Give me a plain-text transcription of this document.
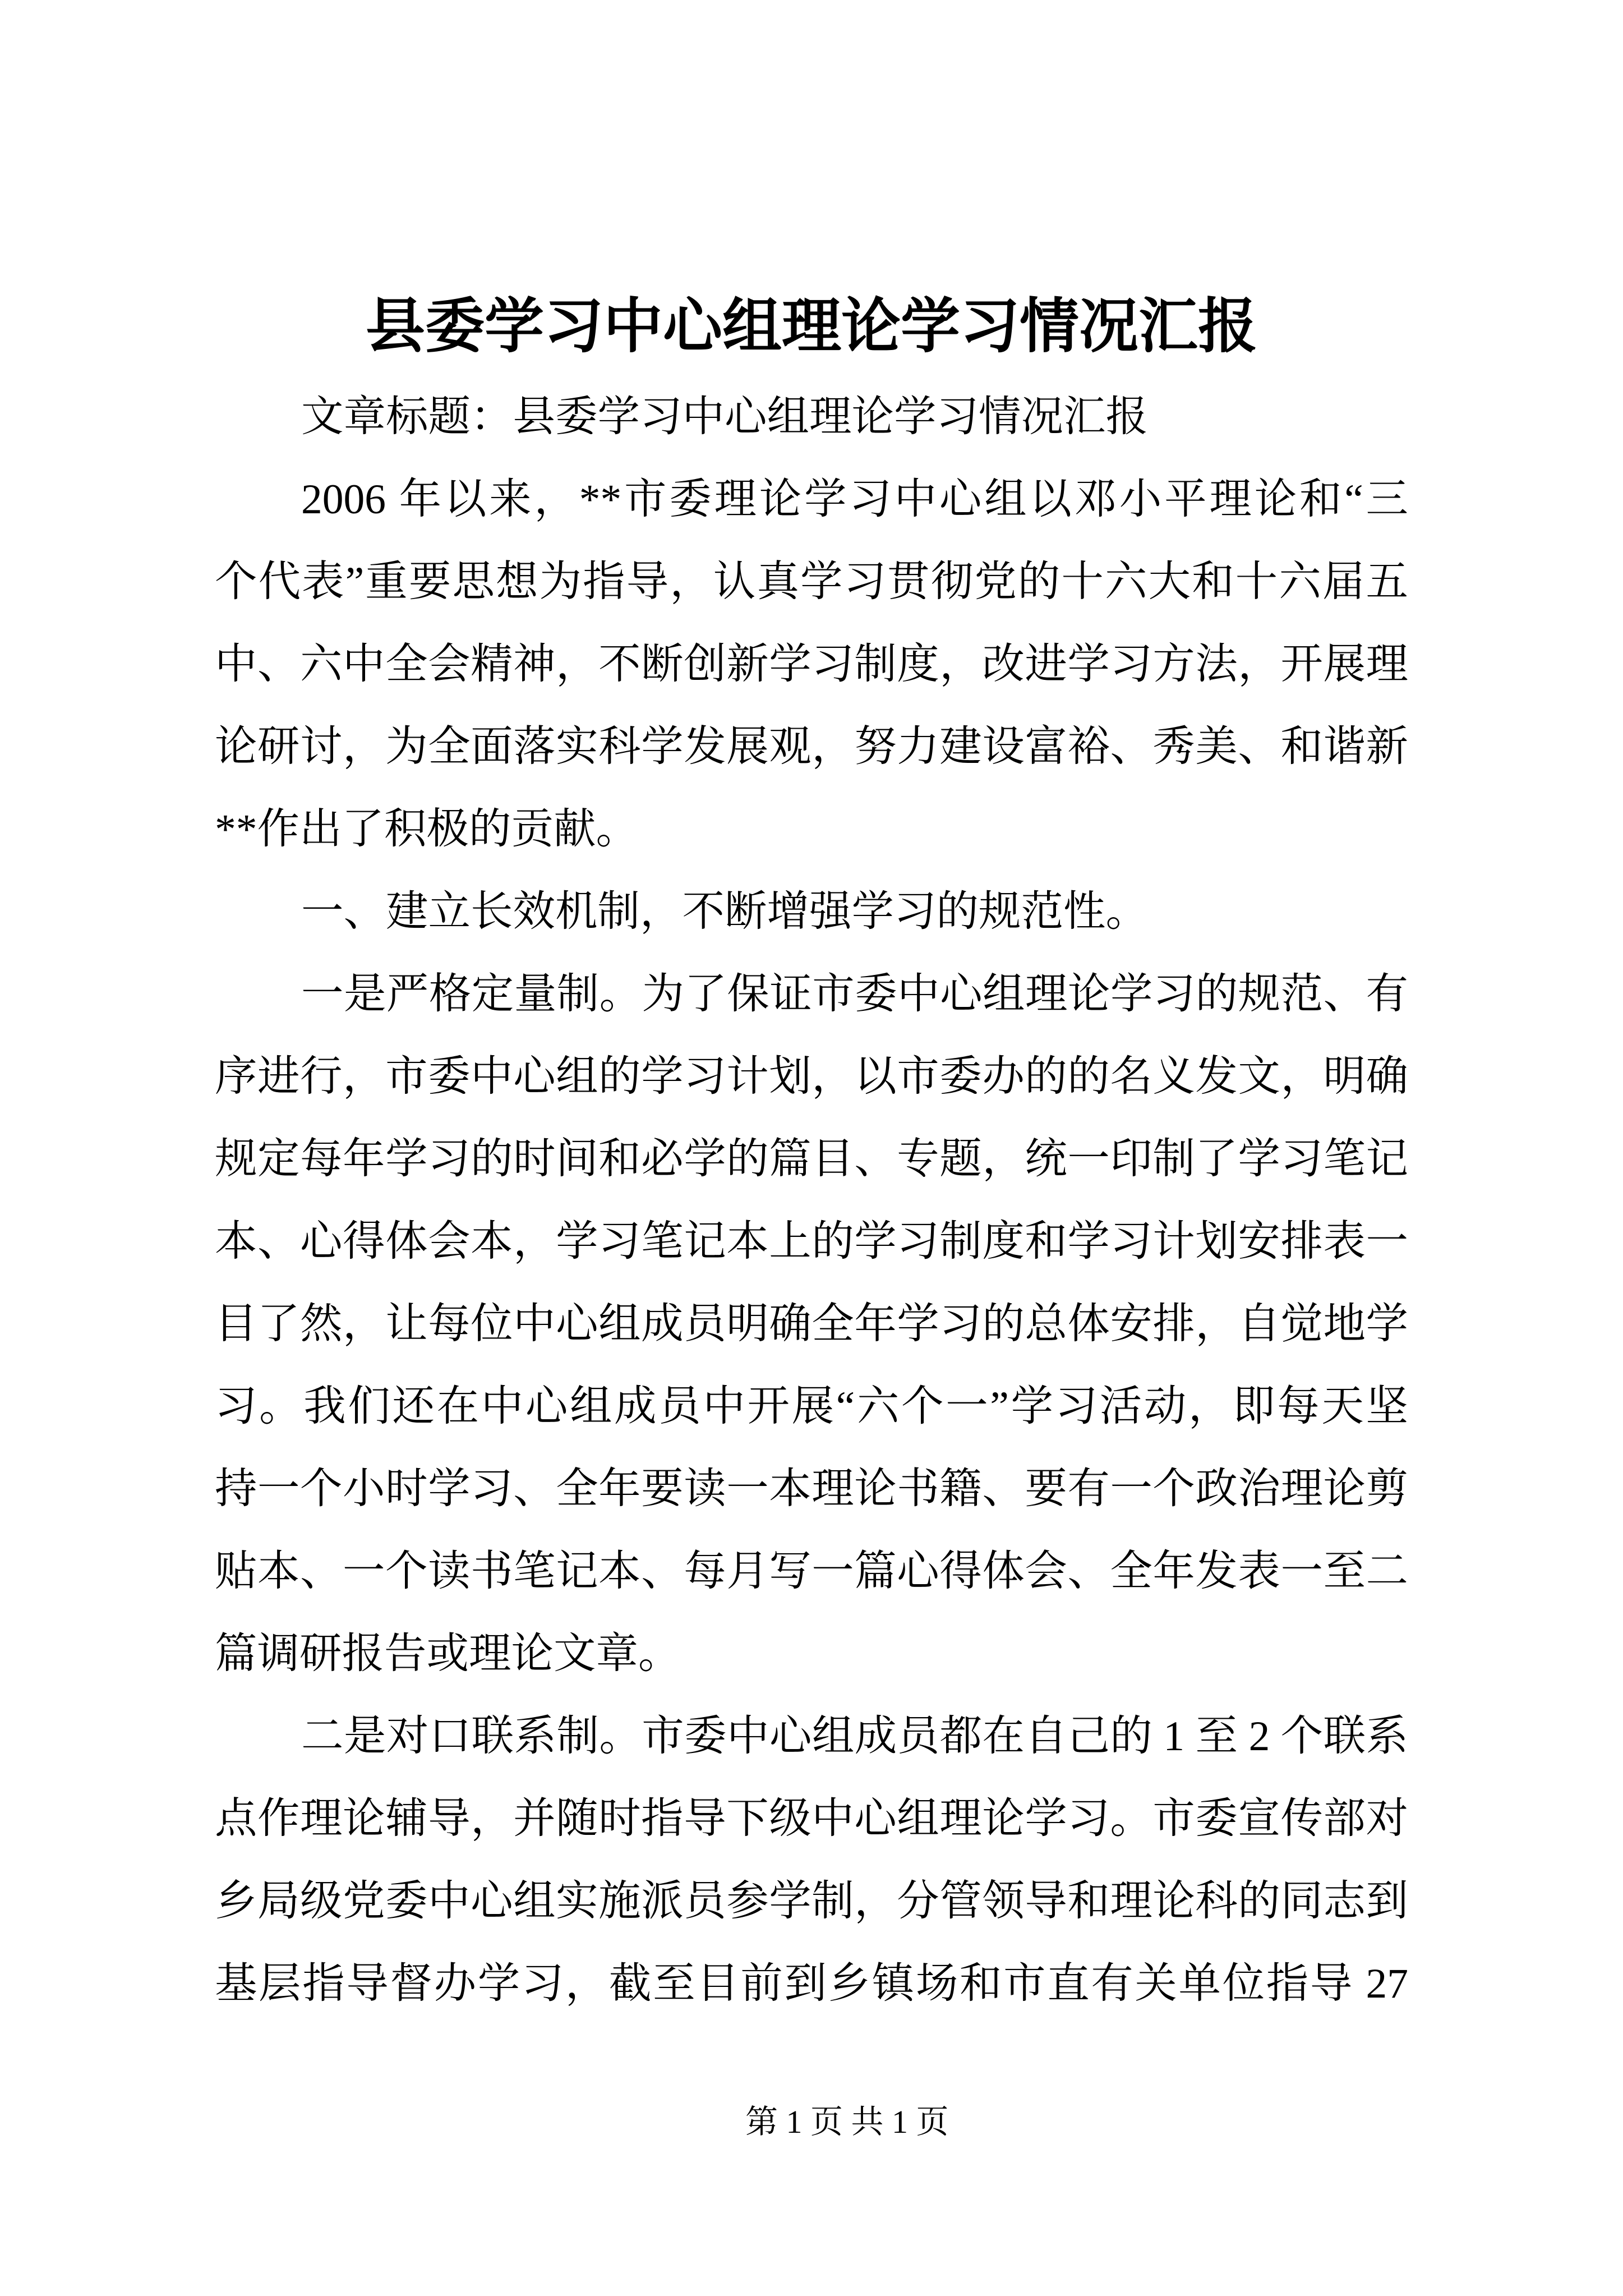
县委学习中心组理论学习情况汇报
文章标题：县委学习中心组理论学习情况汇报
2006 年以来，**市委理论学习中心组以邓小平理论和“三
个代表”重要思想为指导，认真学习贯彻党的十六大和十六届五
中、六中全会精神，不断创新学习制度，改进学习方法，开展理
论研讨，为全面落实科学发展观，努力建设富裕、秀美、和谐新
**作出了积极的贡献。
一、建立长效机制，不断增强学习的规范性。
一是严格定量制。为了保证市委中心组理论学习的规范、有
序进行，市委中心组的学习计划，以市委办的的名义发文，明确
规定每年学习的时间和必学的篇目、专题，统一印制了学习笔记
本、心得体会本，学习笔记本上的学习制度和学习计划安排表一
目了然，让每位中心组成员明确全年学习的总体安排，自觉地学
习。我们还在中心组成员中开展“六个一”学习活动，即每天坚
持一个小时学习、全年要读一本理论书籍、要有一个政治理论剪
贴本、一个读书笔记本、每月写一篇心得体会、全年发表一至二
篇调研报告或理论文章。
二是对口联系制。市委中心组成员都在自己的 1 至 2 个联系
点作理论辅导，并随时指导下级中心组理论学习。市委宣传部对
乡局级党委中心组实施派员参学制，分管领导和理论科的同志到
基层指导督办学习，截至目前到乡镇场和市直有关单位指导 27
第 1 页 共 1 页
